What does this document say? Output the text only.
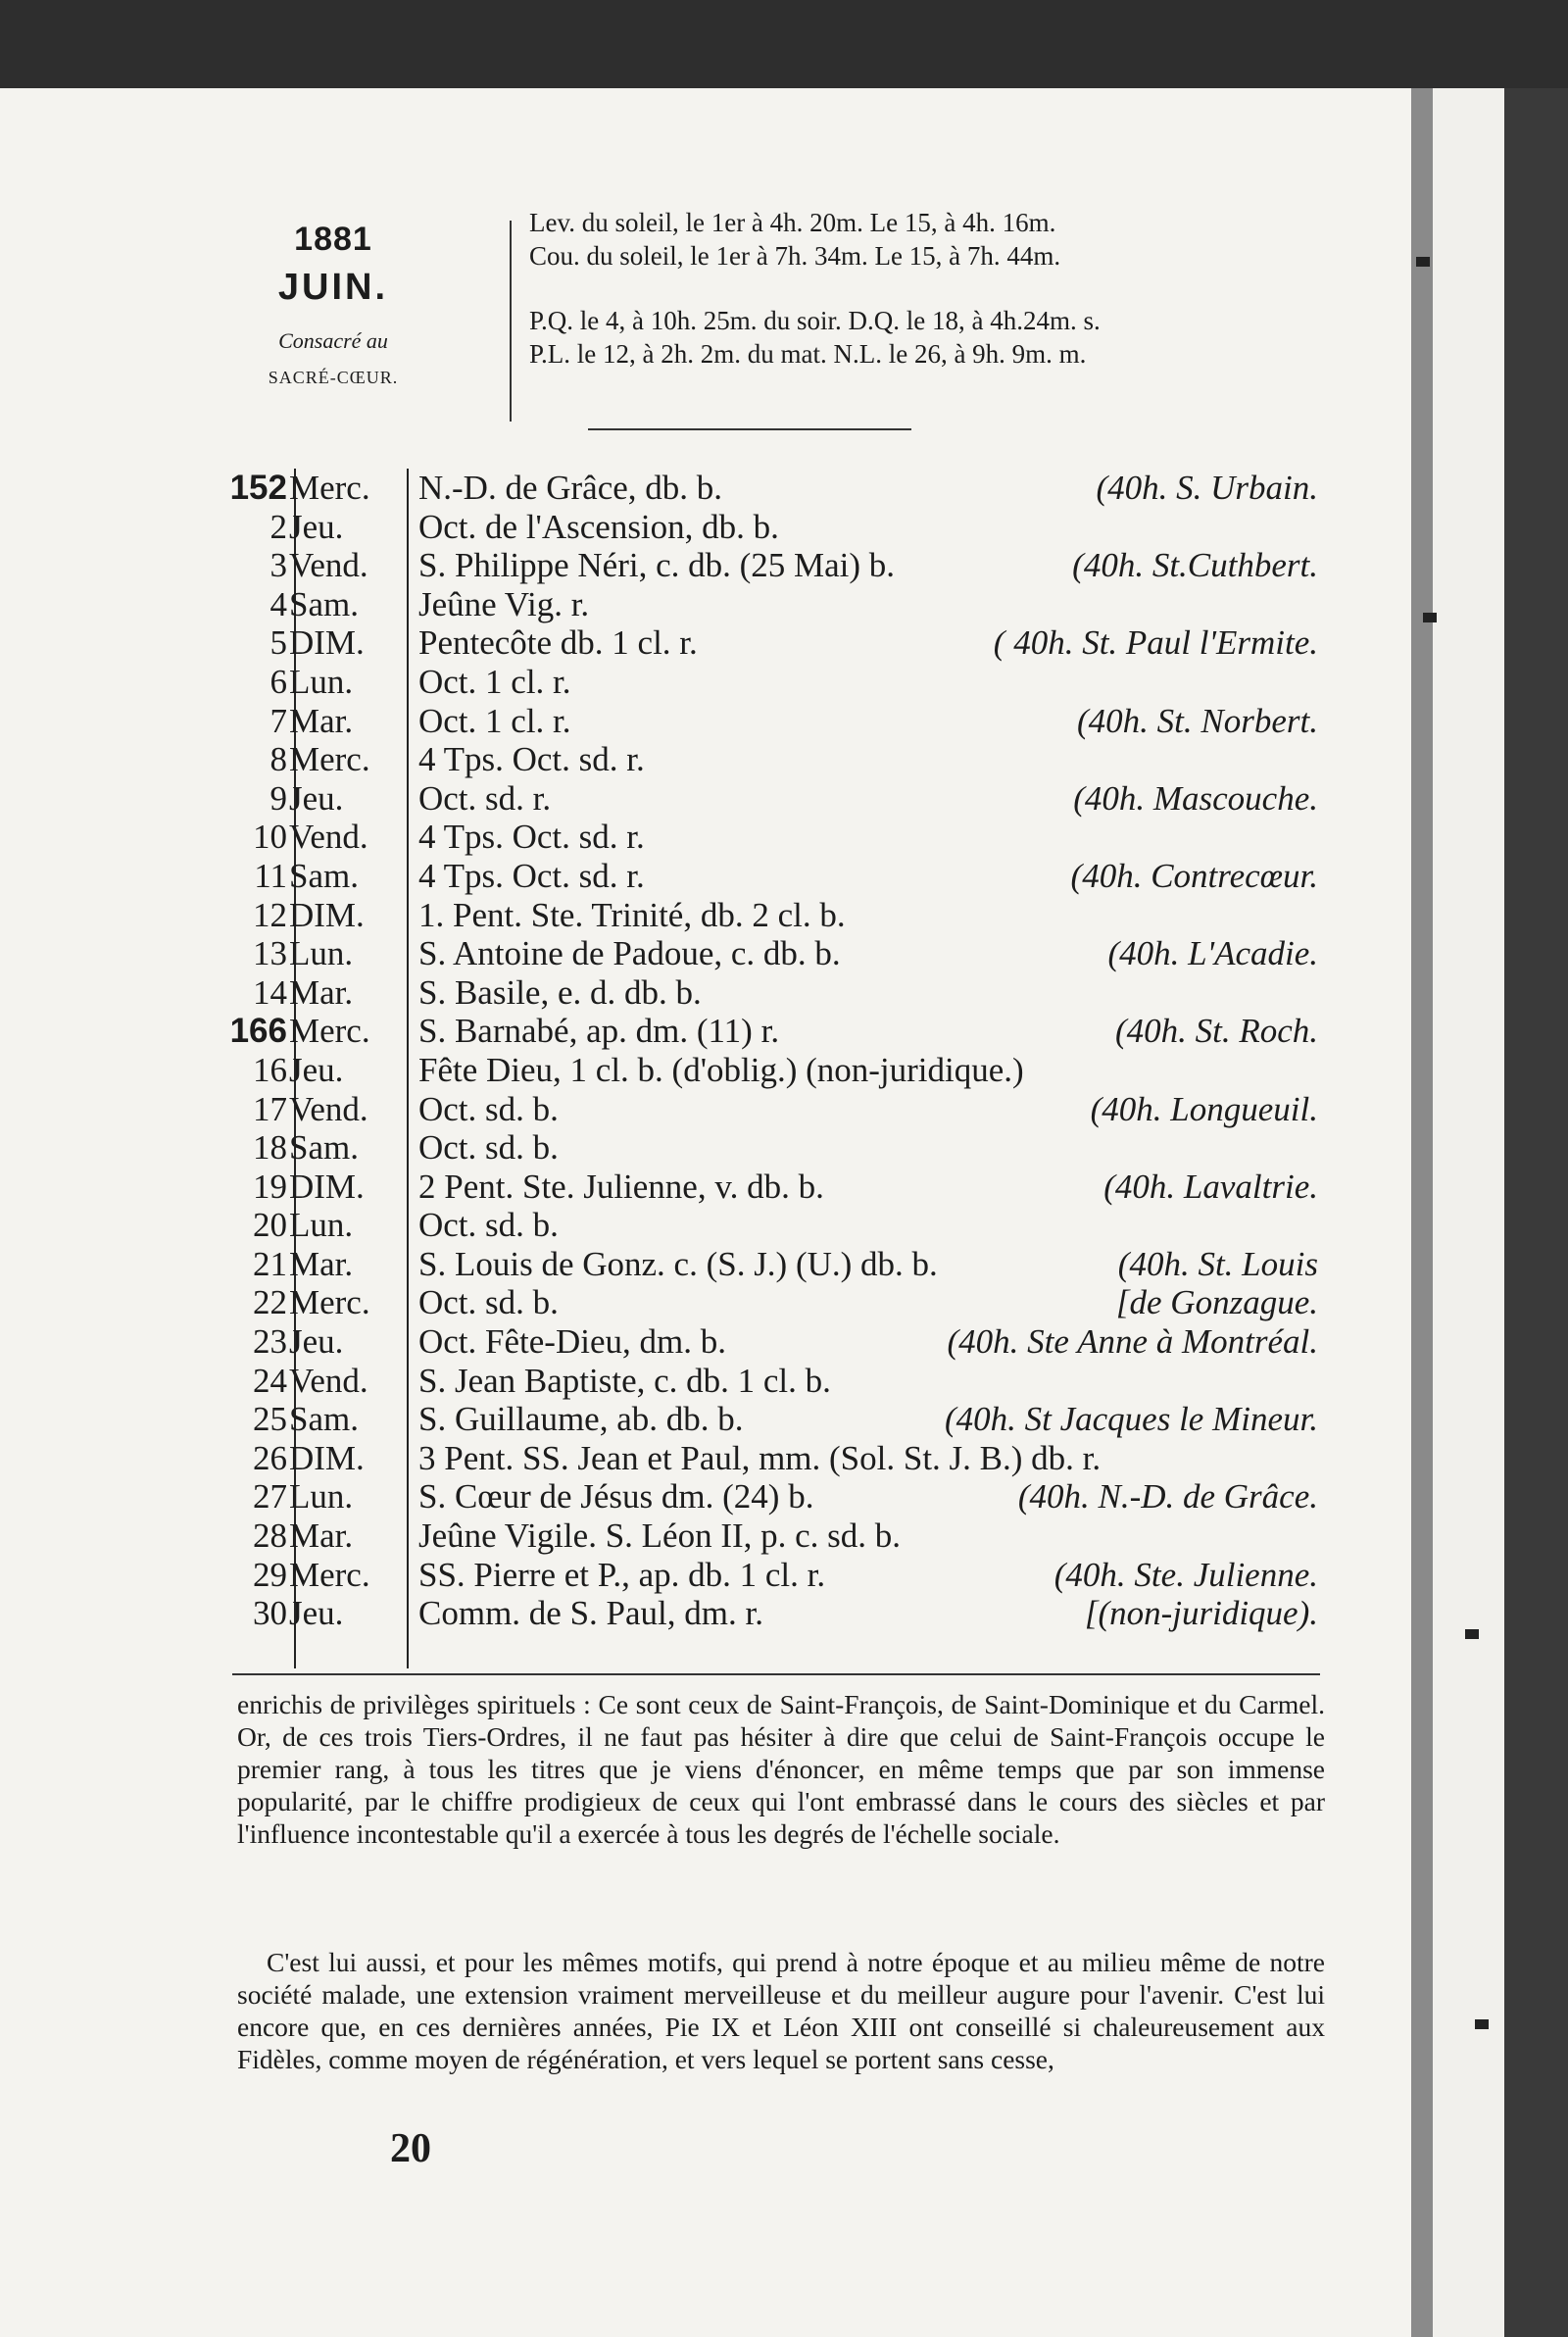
1881
JUIN.
Consacré au
SACRÉ-CŒUR.
Lev. du soleil, le 1er à 4h. 20m. Le 15, à 4h. 16m.
Cou. du soleil, le 1er à 7h. 34m. Le 15, à 7h. 44m.
P.Q. le 4, à 10h. 25m. du soir. D.Q. le 18, à 4h.24m. s.
P.L. le 12, à 2h. 2m. du mat. N.L. le 26, à 9h. 9m. m.
152 Merc.	N.-D. de Grâce, db. b.	(40h. S. Urbain.
2 Jeu.	Oct. de l'Ascension, db. b.
3 Vend.	S. Philippe Néri, c. db. (25 Mai) b.	(40h. St.Cuthbert.
4 Sam.	Jeûne Vig. r.
5 DIM.	Pentecôte db. 1 cl. r.	( 40h. St. Paul l'Ermite.
6 Lun.	Oct. 1 cl. r.
7 Mar.	Oct. 1 cl. r.	(40h. St. Norbert.
8 Merc.	4 Tps. Oct. sd. r.
9 Jeu.	Oct. sd. r.	(40h. Mascouche.
10 Vend.	4 Tps. Oct. sd. r.
11 Sam.	4 Tps. Oct. sd. r.	(40h. Contrecœur.
12 DIM.	1. Pent. Ste. Trinité, db. 2 cl. b.
13 Lun.	S. Antoine de Padoue, c. db. b.	(40h. L'Acadie.
14 Mar.	S. Basile, e. d. db. b.
166 Merc.	S. Barnabé, ap. dm. (11) r.	(40h. St. Roch.
16 Jeu.	Fête Dieu, 1 cl. b. (d'oblig.) (non-juridique.)
17 Vend.	Oct. sd. b.	(40h. Longueuil.
18 Sam.	Oct. sd. b.
19 DIM.	2 Pent. Ste. Julienne, v. db. b.	(40h. Lavaltrie.
20 Lun.	Oct. sd. b.
21 Mar.	S. Louis de Gonz. c. (S. J.) (U.) db. b.	(40h. St. Louis
22 Merc.	Oct. sd. b.	[de Gonzague.
23 Jeu.	Oct. Fête-Dieu, dm. b.	(40h. Ste Anne à Montréal.
24 Vend.	S. Jean Baptiste, c. db. 1 cl. b.
25 Sam.	S. Guillaume, ab. db. b.	(40h. St Jacques le Mineur.
26 DIM.	3 Pent. SS. Jean et Paul, mm. (Sol. St. J. B.) db. r.
27 Lun.	S. Cœur de Jésus dm. (24) b.	(40h. N.-D. de Grâce.
28 Mar.	Jeûne Vigile. S. Léon II, p. c. sd. b.
29 Merc.	SS. Pierre et P., ap. db. 1 cl. r.	(40h. Ste. Julienne.
30 Jeu.	Comm. de S. Paul, dm. r.	[(non-juridique).
enrichis de privilèges spirituels : Ce sont ceux de Saint-François, de Saint-Dominique et du Carmel. Or, de ces trois Tiers-Ordres, il ne faut pas hésiter à dire que celui de Saint-François occupe le premier rang, à tous les titres que je viens d'énoncer, en même temps que par son immense popularité, par le chiffre prodigieux de ceux qui l'ont embrassé dans le cours des siècles et par l'influence incontestable qu'il a exercée à tous les degrés de l'échelle sociale.
C'est lui aussi, et pour les mêmes motifs, qui prend à notre époque et au milieu même de notre société malade, une extension vraiment merveilleuse et du meilleur augure pour l'avenir. C'est lui encore que, en ces dernières années, Pie IX et Léon XIII ont conseillé si chaleureusement aux Fidèles, comme moyen de régénération, et vers lequel se portent sans cesse,
20
